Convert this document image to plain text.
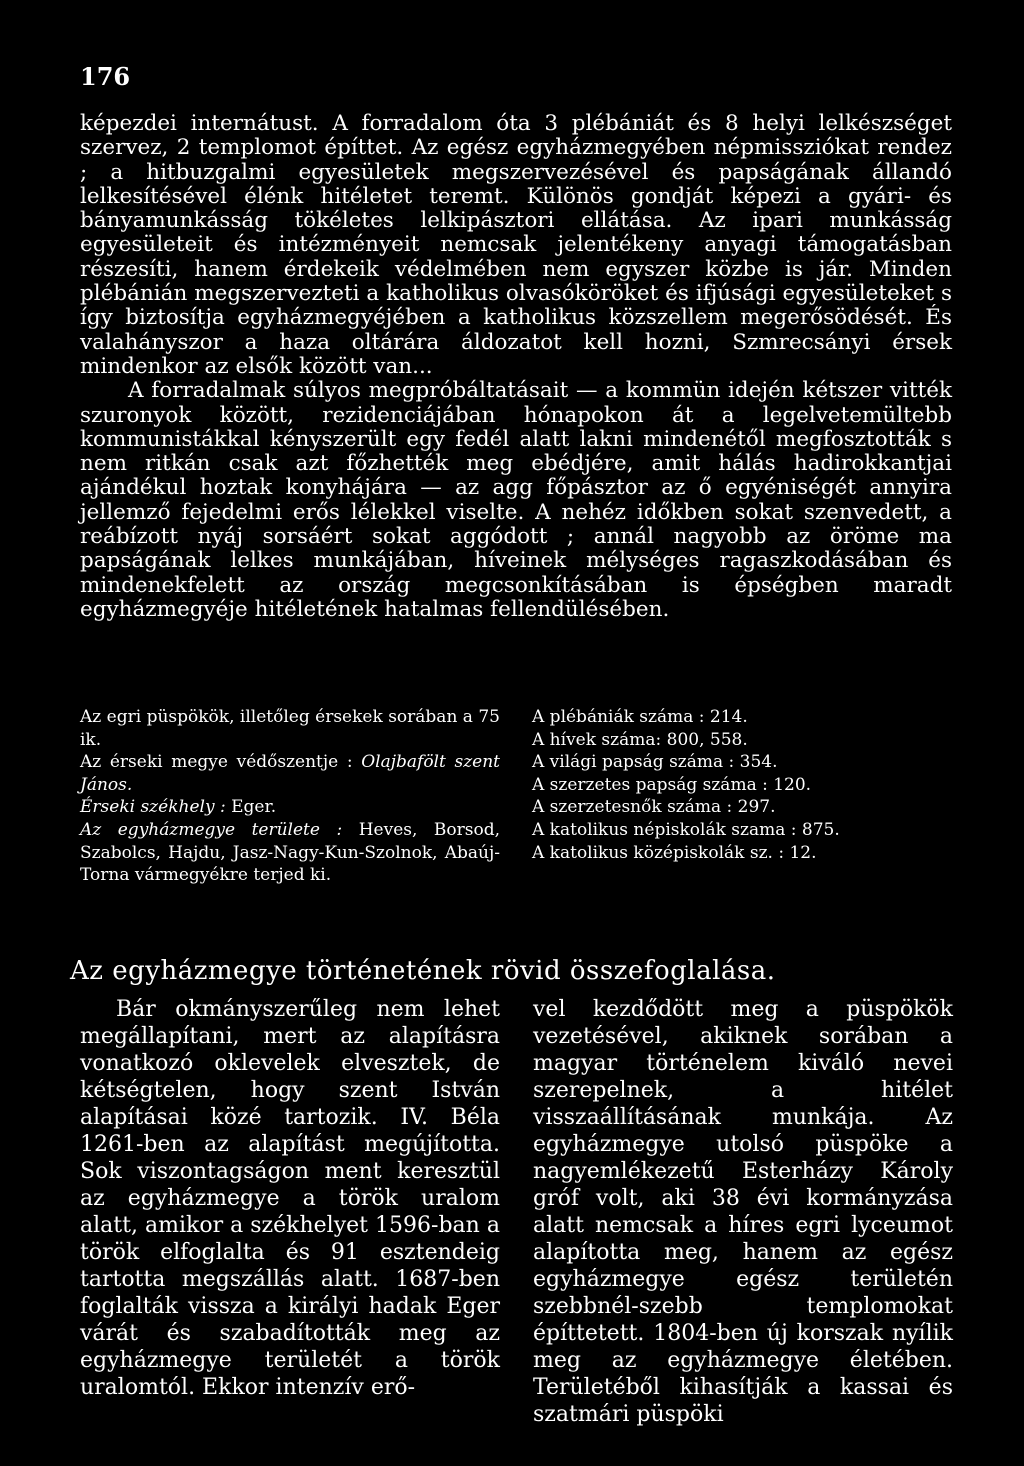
176

képezdei internátust. A forradalom óta 3 plébániát és 8 helyi lelkészséget szervez, 2 templomot építtet. Az egész egyházmegyében népmissziókat rendez ; a hitbuzgalmi egyesületek megszervezésével és papságának állandó lelkesítésével élénk hitéletet teremt. Különös gondját képezi a gyári- és bányamunkásság tökéletes lelkipásztori ellátása. Az ipari munkásság egyesületeit és intézményeit nemcsak jelentékeny anyagi támogatásban részesíti, hanem érdekeik védelmében nem egyszer közbe is jár. Minden plébánián megszervezteti a katholikus olvasóköröket és ifjúsági egyesületeket s így biztosítja egyházmegyéjében a katholikus közszellem megerősödését. És valahányszor a haza oltárára áldozatot kell hozni, Szmrecsányi érsek mindenkor az elsők között van...

A forradalmak súlyos megpróbáltatásait — a kommün idején kétszer vitték szuronyok között, rezidenciájában hónapokon át a legelvetemültebb kommunistákkal kényszerült egy fedél alatt lakni mindenétől megfosztották s nem ritkán csak azt főzhették meg ebédjére, amit hálás hadirokkantjai ajándékul hoztak konyhájára — az agg főpásztor az ő egyéniségét annyira jellemző fejedelmi erős lélekkel viselte. A nehéz időkben sokat szenvedett, a reábízott nyáj sorsáért sokat aggódott ; annál nagyobb az öröme ma papságának lelkes munkájában, híveinek mélységes ragaszkodásában és mindenekfelett az ország megcsonkításában is épségben maradt egyházmegyéje hitéletének hatalmas fellendülésében.

Az egri püspökök, illetőleg érsekek sorában a 75 ik.
Az érseki megye védőszentje : Olajbafölt szent János.
Érseki székhely : Eger.
Az egyházmegye területe : Heves, Borsod, Szabolcs, Hajdu, Jasz-Nagy-Kun-Szolnok, Abaúj-Torna vármegyékre terjed ki.
A plébániák száma : 214.
A hívek száma: 800, 558.
A világi papság száma : 354.
A szerzetes papság száma : 120.
A szerzetesnők száma : 297.
A katolikus népiskolák szama : 875.
A katolikus középiskolák sz. : 12.
Az egyházmegye történetének rövid összefoglalása.
Bár okmányszerűleg nem lehet megállapítani, mert az alapításra vonatkozó oklevelek elvesztek, de kétségtelen, hogy szent István alapításai közé tartozik. IV. Béla 1261-ben az alapítást megújította. Sok viszontagságon ment keresztül az egyházmegye a török uralom alatt, amikor a székhelyet 1596-ban a török elfoglalta és 91 esztendeig tartotta megszállás alatt. 1687-ben foglalták vissza a királyi hadak Eger várát és szabadították meg az egyházmegye területét a török uralomtól. Ekkor intenzív erő-
vel kezdődött meg a püspökök vezetésével, akiknek sorában a magyar történelem kiváló nevei szerepelnek, a hitélet visszaállításának munkája. Az egyházmegye utolsó püspöke a nagyemlékezetű Esterházy Károly gróf volt, aki 38 évi kormányzása alatt nemcsak a híres egri lyceumot alapította meg, hanem az egész egyházmegye egész területén szebbnél-szebb templomokat építtetett. 1804-ben új korszak nyílik meg az egyházmegye életében. Területéből kihasítják a kassai és szatmári püspöki
